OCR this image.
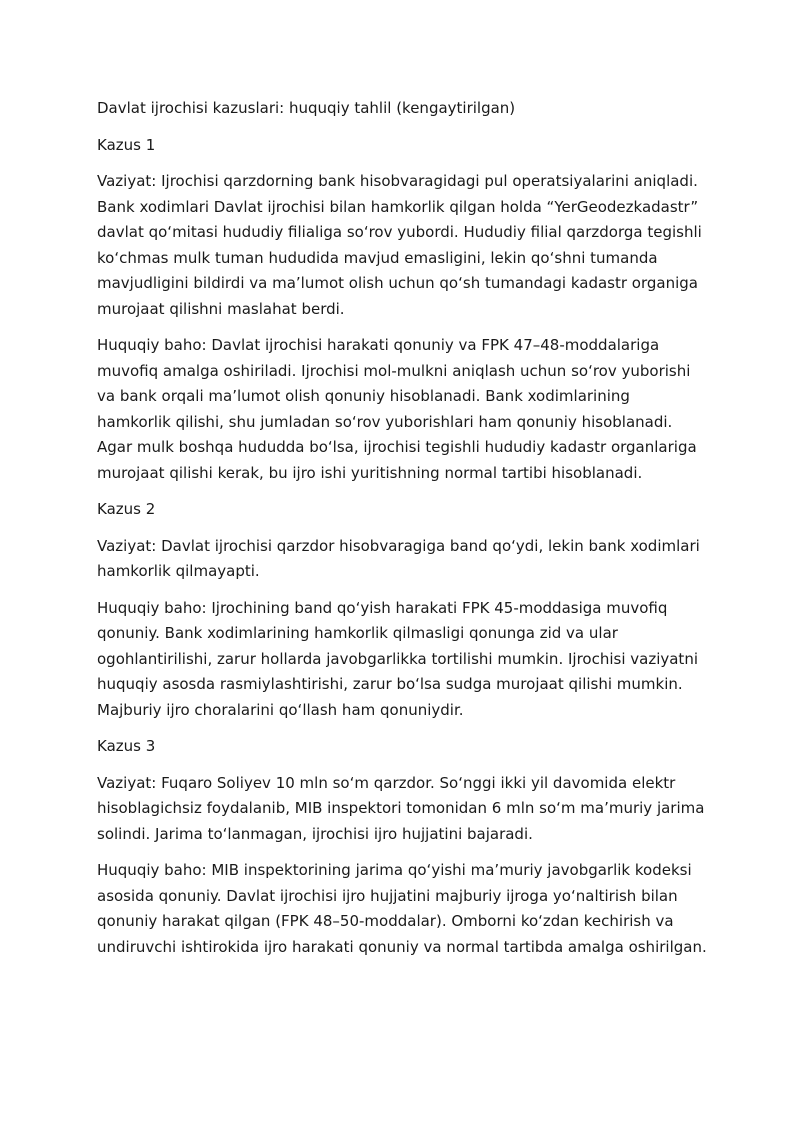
Davlat ijrochisi kazuslari: huquqiy tahlil (kengaytirilgan)

Kazus 1

Vaziyat: Ijrochisi qarzdorning bank hisobvaragidagi pul operatsiyalarini aniqladi. Bank xodimlari Davlat ijrochisi bilan hamkorlik qilgan holda “YerGeodezkadastr” davlat qo‘mitasi hududiy filialiga so‘rov yubordi. Hududiy filial qarzdorga tegishli ko‘chmas mulk tuman hududida mavjud emasligini, lekin qo‘shni tumanda mavjudligini bildirdi va ma’lumot olish uchun qo‘sh tumandagi kadastr organiga murojaat qilishni maslahat berdi.

Huquqiy baho: Davlat ijrochisi harakati qonuniy va FPK 47–48-moddalariga muvofiq amalga oshiriladi. Ijrochisi mol-mulkni aniqlash uchun so‘rov yuborishi va bank orqali ma’lumot olish qonuniy hisoblanadi. Bank xodimlarining hamkorlik qilishi, shu jumladan so‘rov yuborishlari ham qonuniy hisoblanadi. Agar mulk boshqa hududda bo‘lsa, ijrochisi tegishli hududiy kadastr organlariga murojaat qilishi kerak, bu ijro ishi yuritishning normal tartibi hisoblanadi.

Kazus 2

Vaziyat: Davlat ijrochisi qarzdor hisobvaragiga band qo‘ydi, lekin bank xodimlari hamkorlik qilmayapti.

Huquqiy baho: Ijrochining band qo‘yish harakati FPK 45-moddasiga muvofiq qonuniy. Bank xodimlarining hamkorlik qilmasligi qonunga zid va ular ogohlantirilishi, zarur hollarda javobgarlikka tortilishi mumkin. Ijrochisi vaziyatni huquqiy asosda rasmiylashtirishi, zarur bo‘lsa sudga murojaat qilishi mumkin. Majburiy ijro choralarini qo‘llash ham qonuniydir.

Kazus 3

Vaziyat: Fuqaro Soliyev 10 mln so‘m qarzdor. So‘nggi ikki yil davomida elektr hisoblagichsiz foydalanib, MIB inspektori tomonidan 6 mln so‘m ma’muriy jarima solindi. Jarima to‘lanmagan, ijrochisi ijro hujjatini bajaradi.

Huquqiy baho: MIB inspektorining jarima qo‘yishi ma’muriy javobgarlik kodeksi asosida qonuniy. Davlat ijrochisi ijro hujjatini majburiy ijroga yo‘naltirish bilan qonuniy harakat qilgan (FPK 48–50-moddalar). Omborni ko‘zdan kechirish va undiruvchi ishtirokida ijro harakati qonuniy va normal tartibda amalga oshirilgan.
